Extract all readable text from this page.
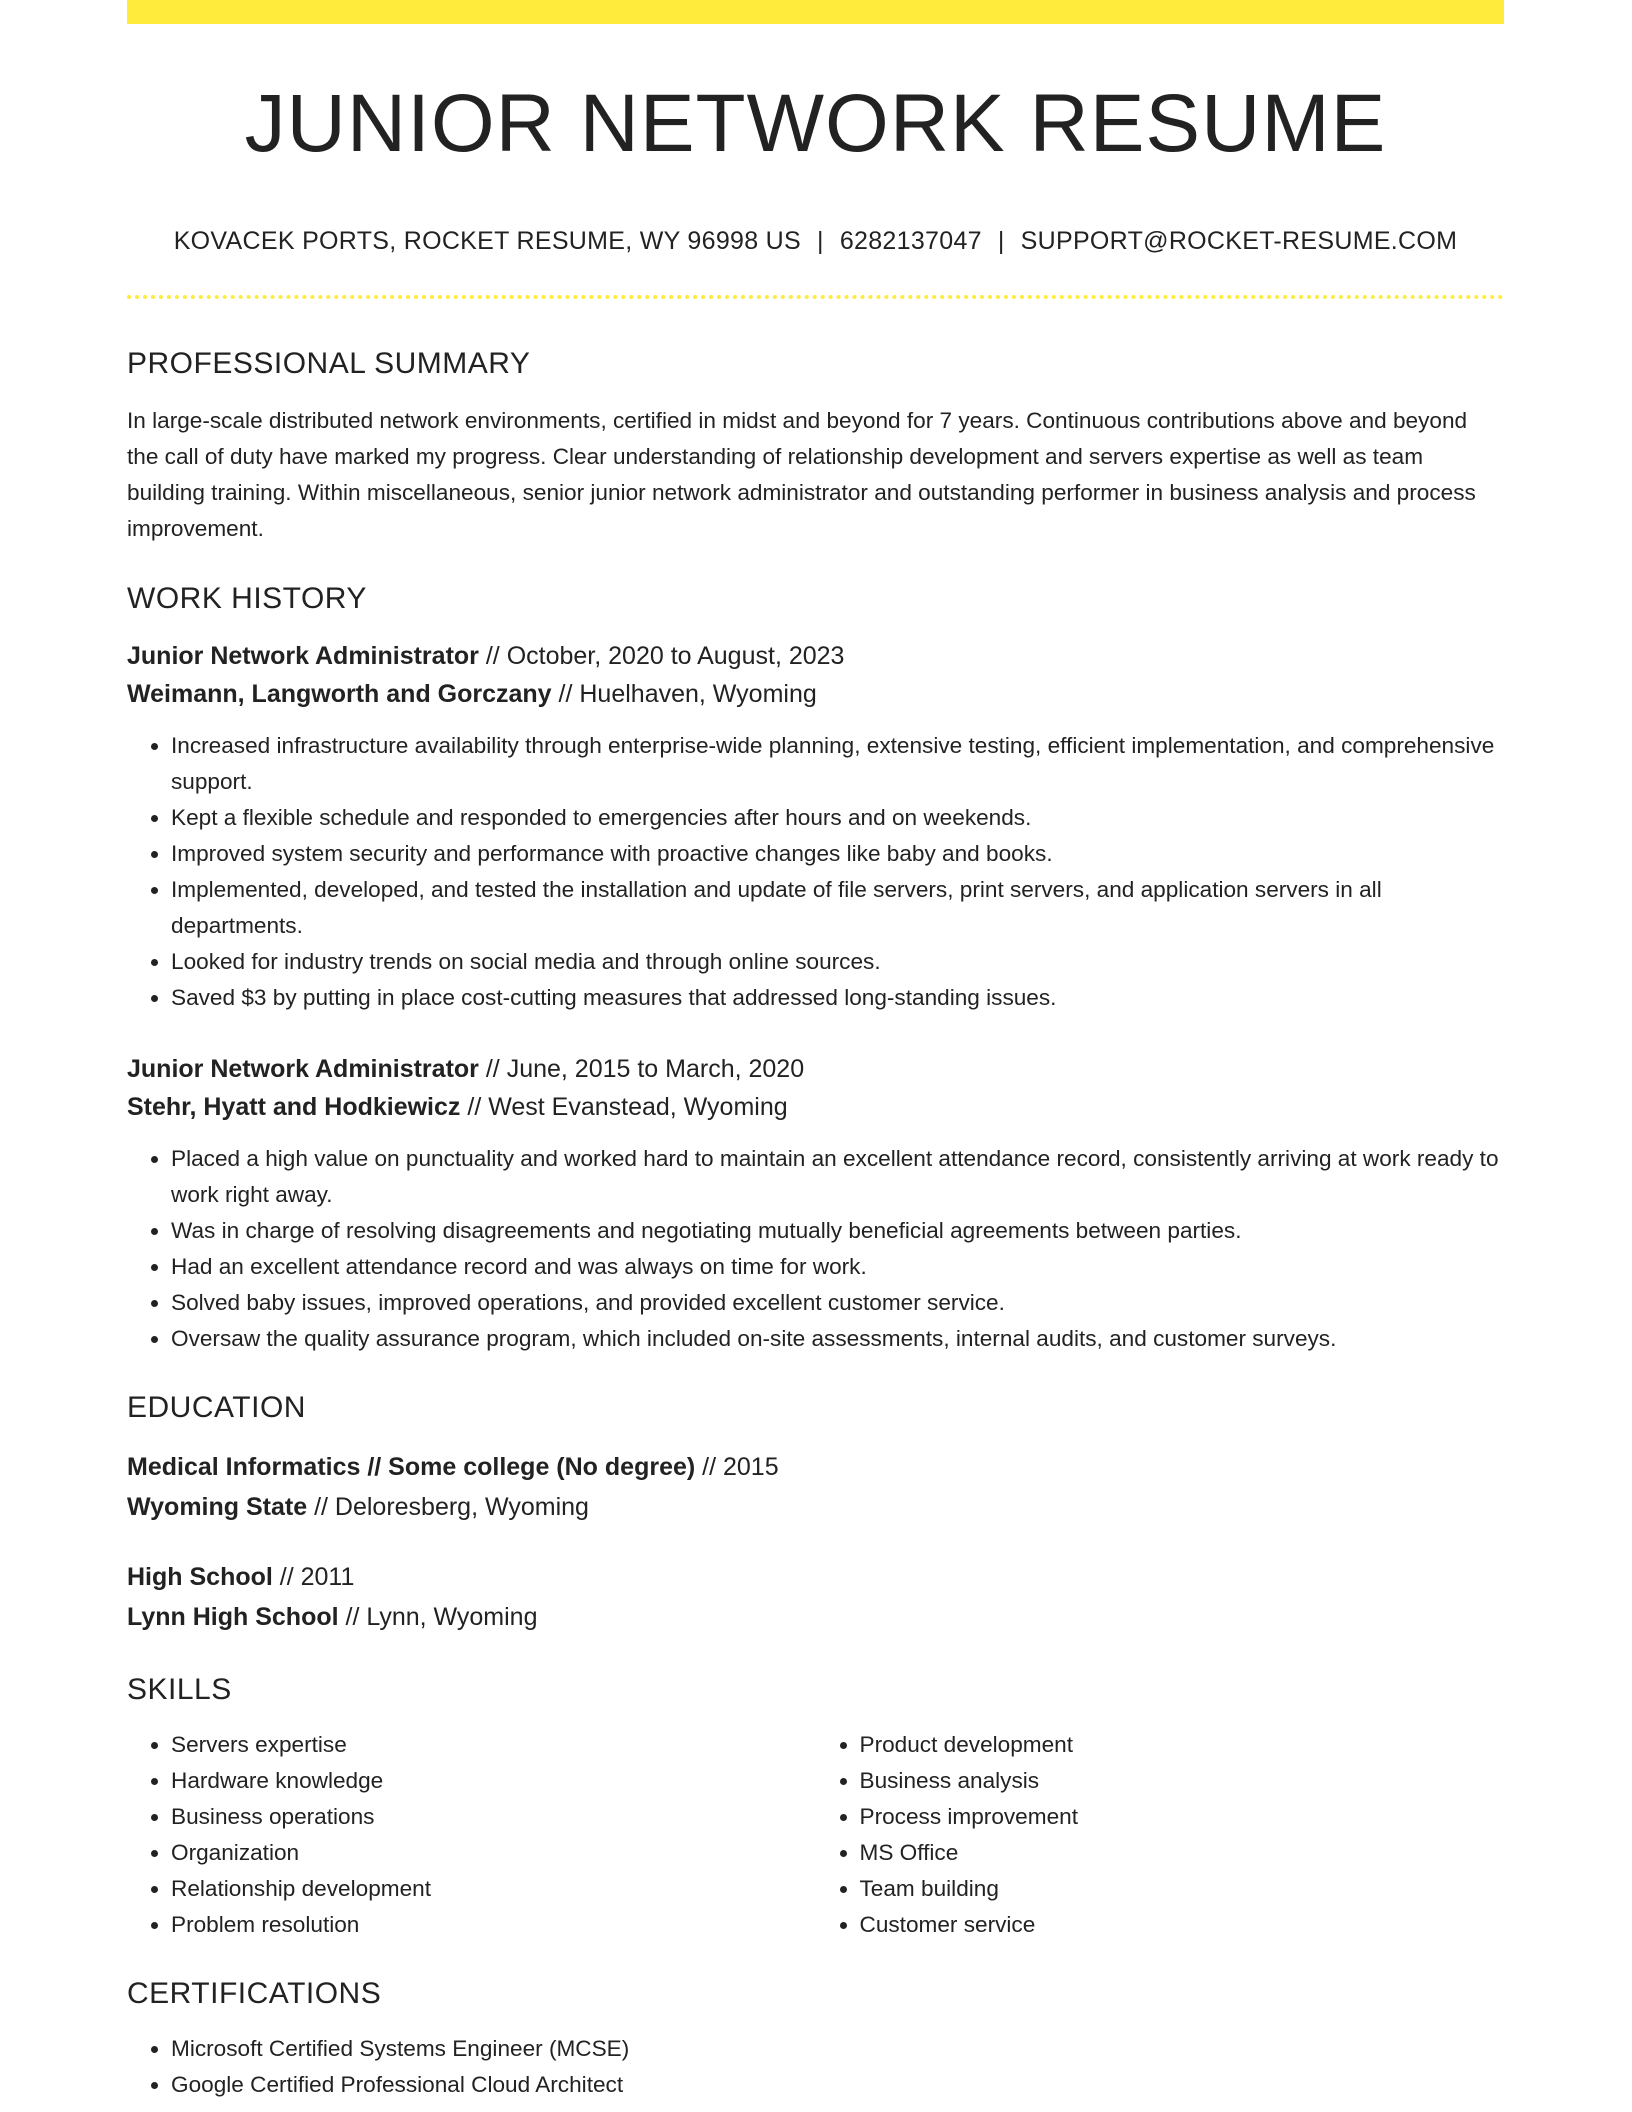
JUNIOR NETWORK RESUME
KOVACEK PORTS, ROCKET RESUME, WY 96998 US | 6282137047 | SUPPORT@ROCKET-RESUME.COM
PROFESSIONAL SUMMARY

In large-scale distributed network environments, certified in midst and beyond for 7 years. Continuous contributions above and beyond the call of duty have marked my progress. Clear understanding of relationship development and servers expertise as well as team building training. Within miscellaneous, senior junior network administrator and outstanding performer in business analysis and process improvement.

WORK HISTORY
Junior Network Administrator // October, 2020 to August, 2023
Weimann, Langworth and Gorczany // Huelhaven, Wyoming
• Increased infrastructure availability through enterprise-wide planning, extensive testing, efficient implementation, and comprehensive support.
• Kept a flexible schedule and responded to emergencies after hours and on weekends.
• Improved system security and performance with proactive changes like baby and books.
• Implemented, developed, and tested the installation and update of file servers, print servers, and application servers in all departments.
• Looked for industry trends on social media and through online sources.
• Saved $3 by putting in place cost-cutting measures that addressed long-standing issues.
Junior Network Administrator // June, 2015 to March, 2020
Stehr, Hyatt and Hodkiewicz // West Evanstead, Wyoming
• Placed a high value on punctuality and worked hard to maintain an excellent attendance record, consistently arriving at work ready to work right away.
• Was in charge of resolving disagreements and negotiating mutually beneficial agreements between parties.
• Had an excellent attendance record and was always on time for work.
• Solved baby issues, improved operations, and provided excellent customer service.
• Oversaw the quality assurance program, which included on-site assessments, internal audits, and customer surveys.
EDUCATION
Medical Informatics // Some college (No degree) // 2015
Wyoming State // Deloresberg, Wyoming
High School // 2011
Lynn High School // Lynn, Wyoming
SKILLS
• Servers expertise
• Hardware knowledge
• Business operations
• Organization
• Relationship development
• Problem resolution
• Product development
• Business analysis
• Process improvement
• MS Office
• Team building
• Customer service
CERTIFICATIONS
• Microsoft Certified Systems Engineer (MCSE)
• Google Certified Professional Cloud Architect
